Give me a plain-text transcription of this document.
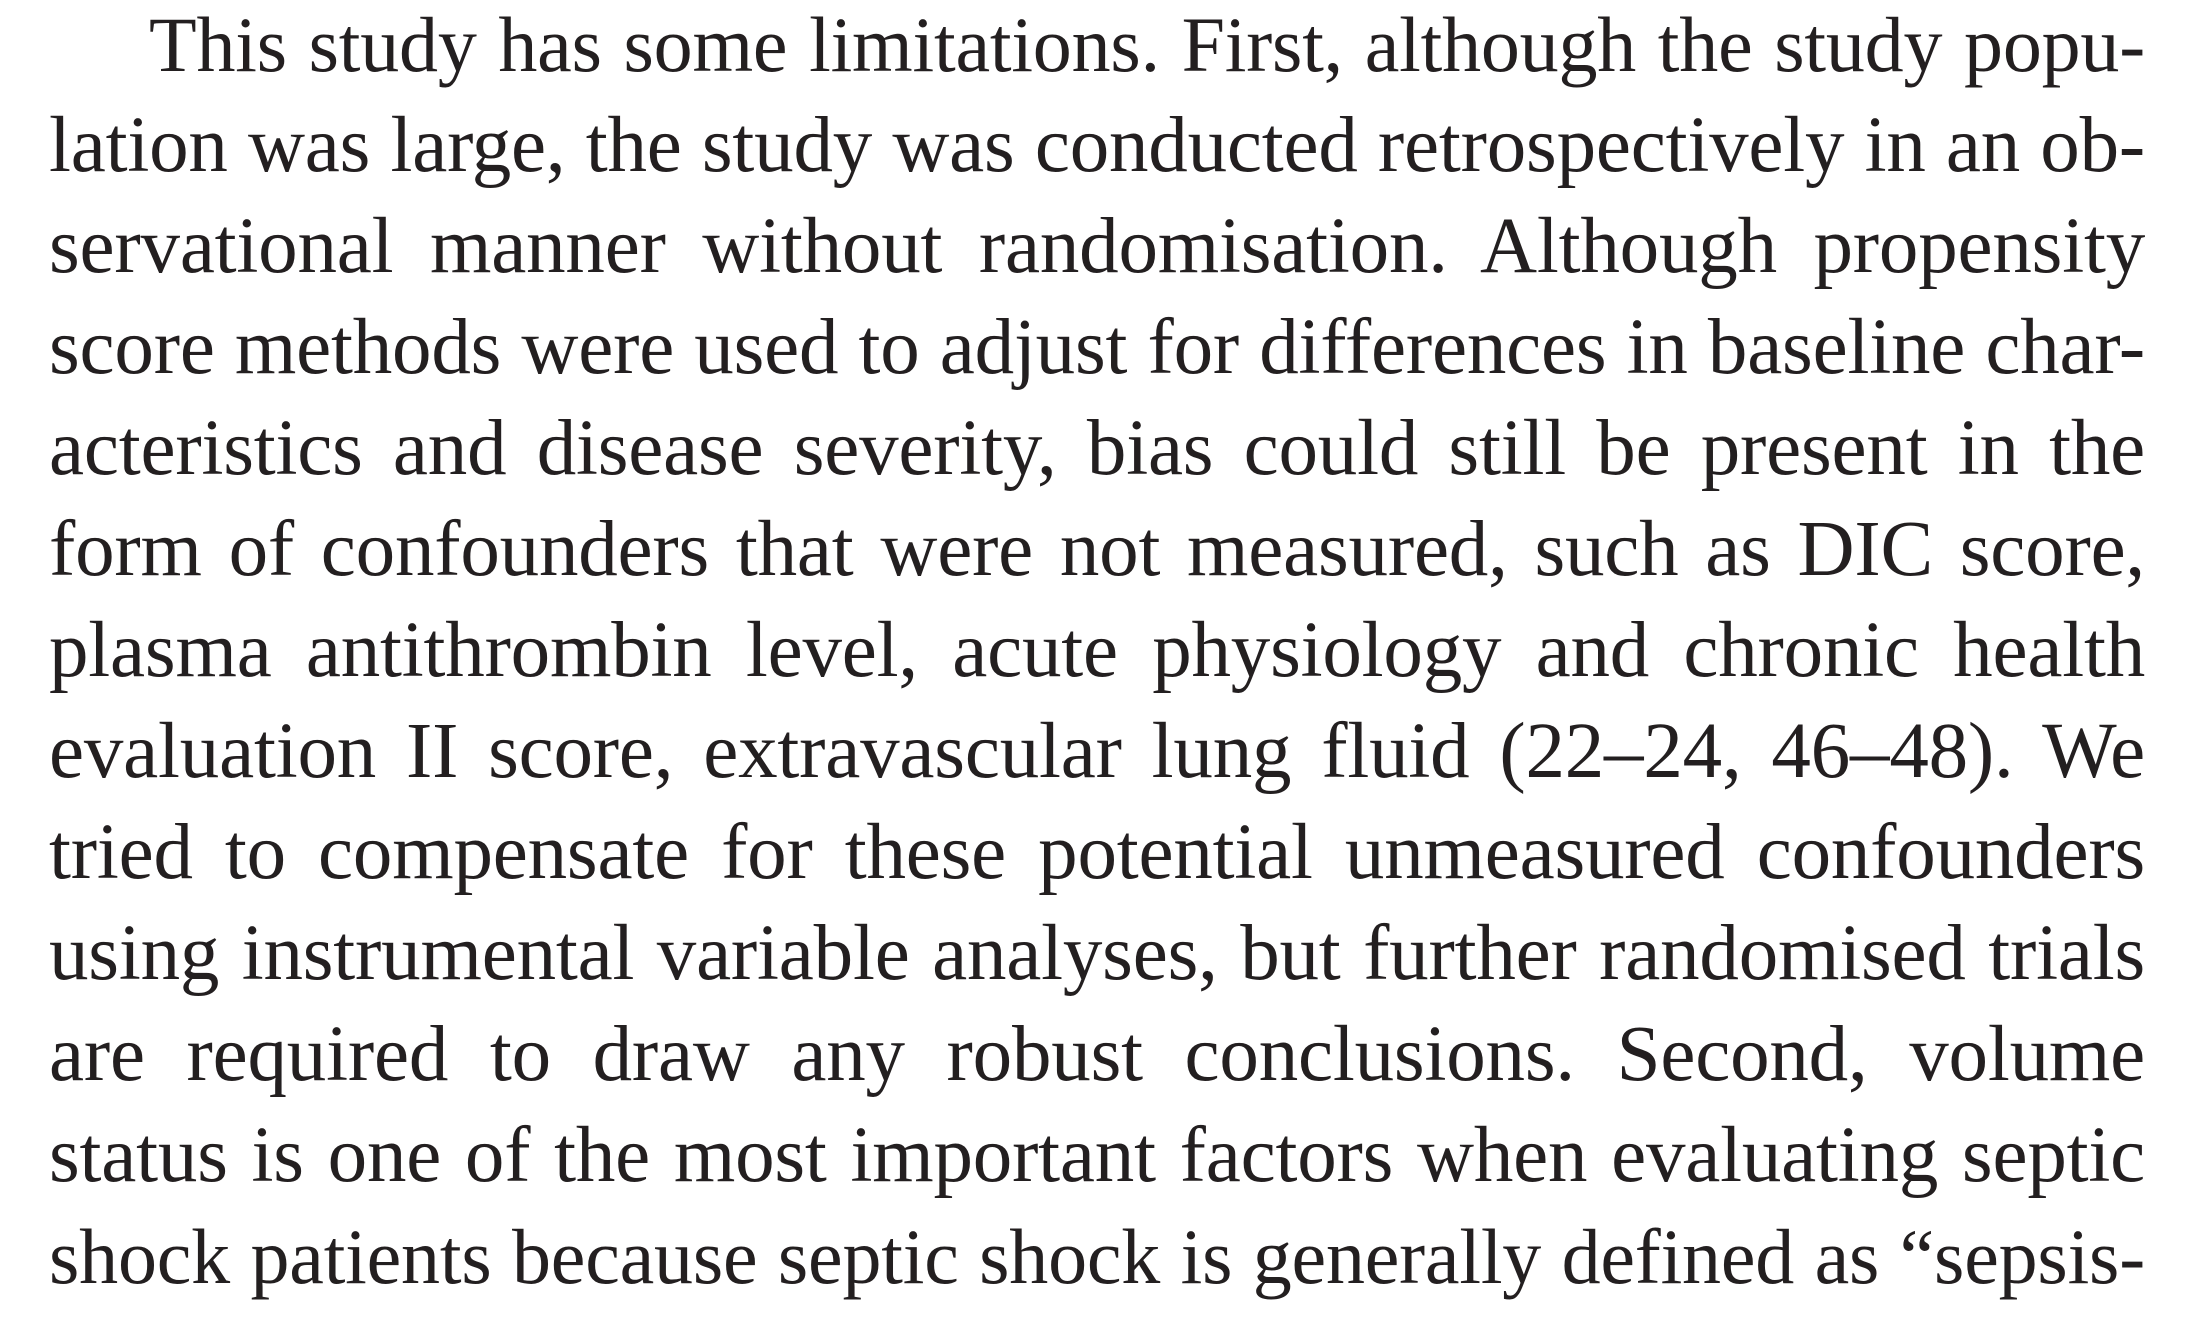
This study has some limitations. First, although the study popu-
lation was large, the study was conducted retrospectively in an ob-
servational manner without randomisation. Although propensity
score methods were used to adjust for differences in baseline char-
acteristics and disease severity, bias could still be present in the
form of confounders that were not measured, such as DIC score,
plasma antithrombin level, acute physiology and chronic health
evaluation II score, extravascular lung fluid (22–24, 46–48). We
tried to compensate for these potential unmeasured confounders
using instrumental variable analyses, but further randomised trials
are required to draw any robust conclusions. Second, volume
status is one of the most important factors when evaluating septic
shock patients because septic shock is generally defined as “sepsis-
